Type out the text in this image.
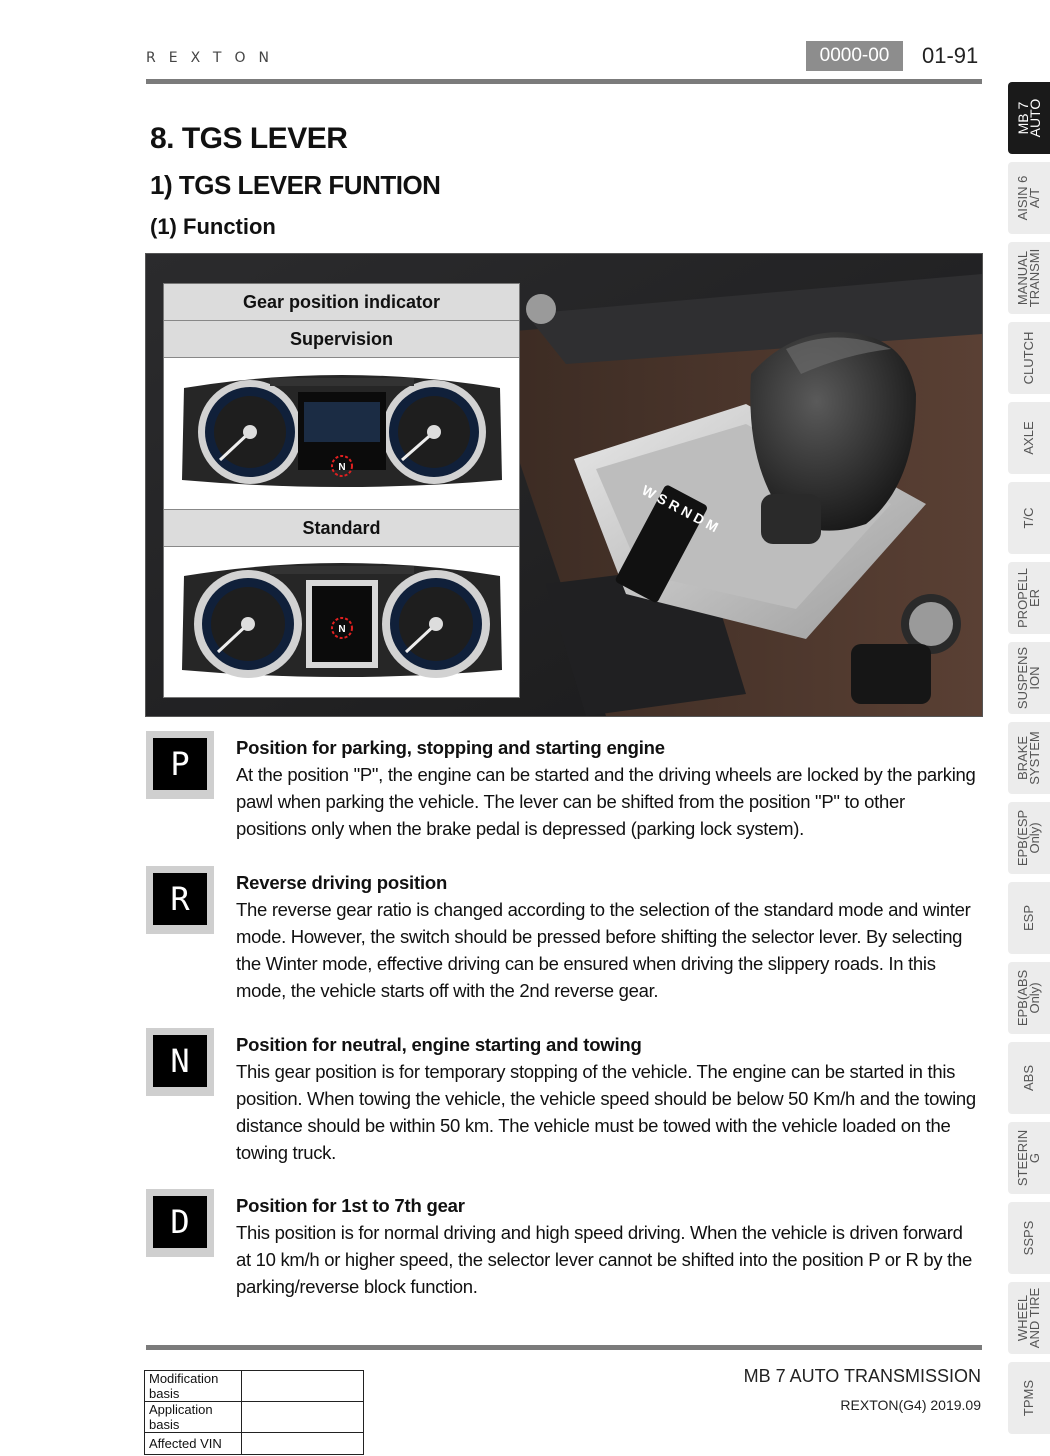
REXTON	0000-00	01-91
MB 7
AUTO
AISIN 6
A/T
MANUAL
TRANSMI
CLUTCH
AXLE
T/C
PROPELL
ER
SUSPENS
ION
BRAKE
SYSTEM
EPB(ESP
Only)
ESP
EPB(ABS
Only)
ABS
STEERIN
G
SSPS
WHEEL
AND TIRE
TPMS
8. TGS LEVER
1) TGS LEVER FUNTION
(1) Function
W S R N D M
Gear position indicator
Supervision
N
Standard
N
P	Position for parking, stopping and starting engine
At the position "P", the engine can be started and the driving wheels are locked by the parking
pawl when parking the vehicle. The lever can be shifted from the position "P" to other
positions only when the brake pedal is depressed (parking lock system).
R	Reverse driving position
The reverse gear ratio is changed according to the selection of the standard mode and winter
mode. However, the switch should be pressed before shifting the selector lever. By selecting
the Winter mode, effective driving can be ensured when driving the slippery roads. In this
mode, the vehicle starts off with the 2nd reverse gear.
N	Position for neutral, engine starting and towing
This gear position is for temporary stopping of the vehicle. The engine can be started in this
position. When towing the vehicle, the vehicle speed should be below 50 Km/h and the towing
distance should be within 50 km. The vehicle must be towed with the vehicle loaded on the
towing truck.
D	Position for 1st to 7th gear
This position is for normal driving and high speed driving. When the vehicle is driven forward
at 10 km/h or higher speed, the selector lever cannot be shifted into the position P or R by the
parking/reverse block function.
Modification basis	
Application basis	
Affected VIN	
MB 7 AUTO TRANSMISSION
REXTON(G4) 2019.09
